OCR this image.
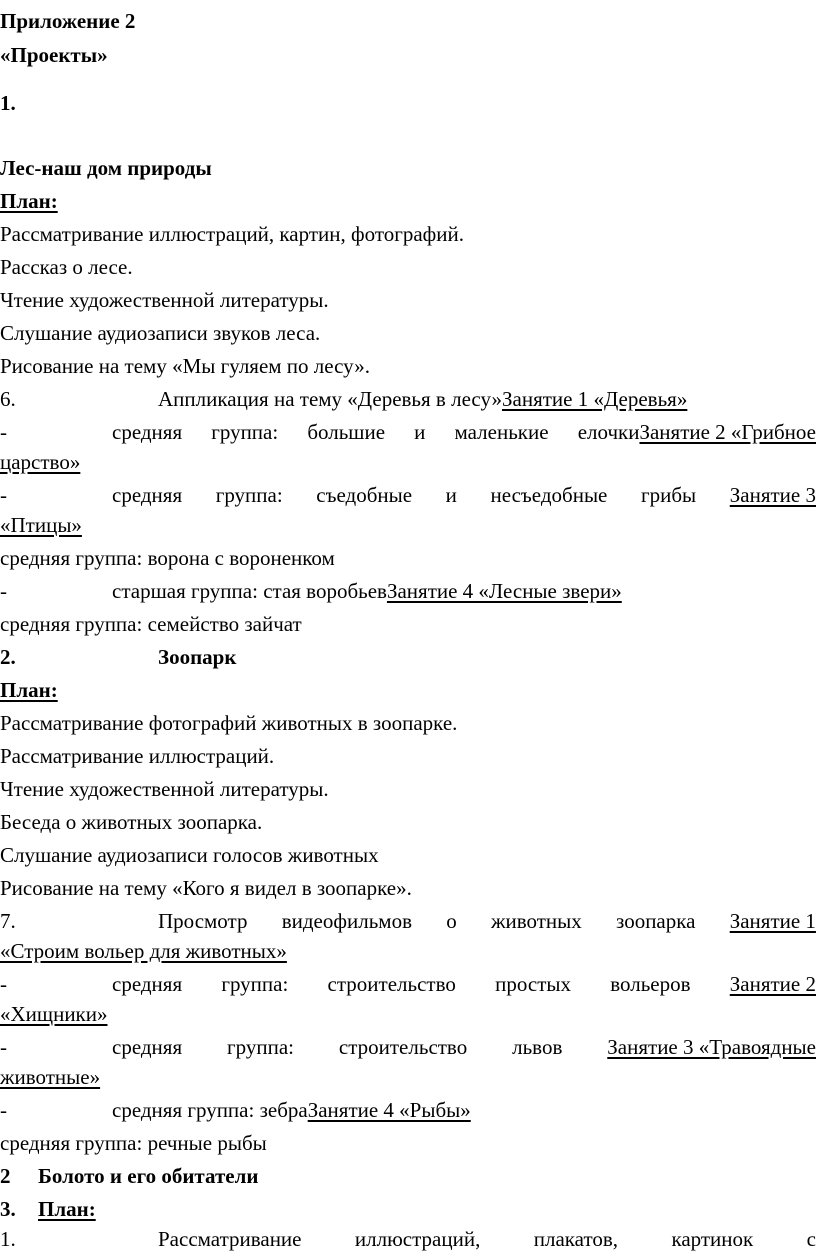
Приложение 2
«Проекты»
1.
Лес-наш дом природы
План:
Рассматривание иллюстраций, картин, фотографий.
Рассказ о лесе.
Чтение художественной литературы.
Слушание аудиозаписи звуков леса.
Рисование на тему «Мы гуляем по лесу».
6.	Аппликация на тему «Деревья в лесу»Занятие 1 «Деревья»
-	средняя группа: большие и маленькие елочкиЗанятие 2 «Грибное
царство»
-	средняя группа: съедобные и несъедобные грибы Занятие 3
«Птицы»
средняя группа: ворона с вороненком
-	старшая группа: стая воробьевЗанятие 4 «Лесные звери»
средняя группа: семейство зайчат
2.	Зоопарк
План:
Рассматривание фотографий животных в зоопарке.
Рассматривание иллюстраций.
Чтение художественной литературы.
Беседа о животных зоопарка.
Слушание аудиозаписи голосов животных
Рисование на тему «Кого я видел в зоопарке».
7.	Просмотр видеофильмов о животных зоопарка Занятие 1
«Строим вольер для животных»
-	средняя группа: строительство простых вольеров Занятие 2
«Хищники»
-	средняя группа: строительство львов Занятие 3 «Травоядные
животные»
-	средняя группа: зебраЗанятие 4 «Рыбы»
средняя группа: речные рыбы
2 Болото и его обитатели
3. План:
1.	Рассматривание	иллюстраций,	плакатов,	картинок	с
